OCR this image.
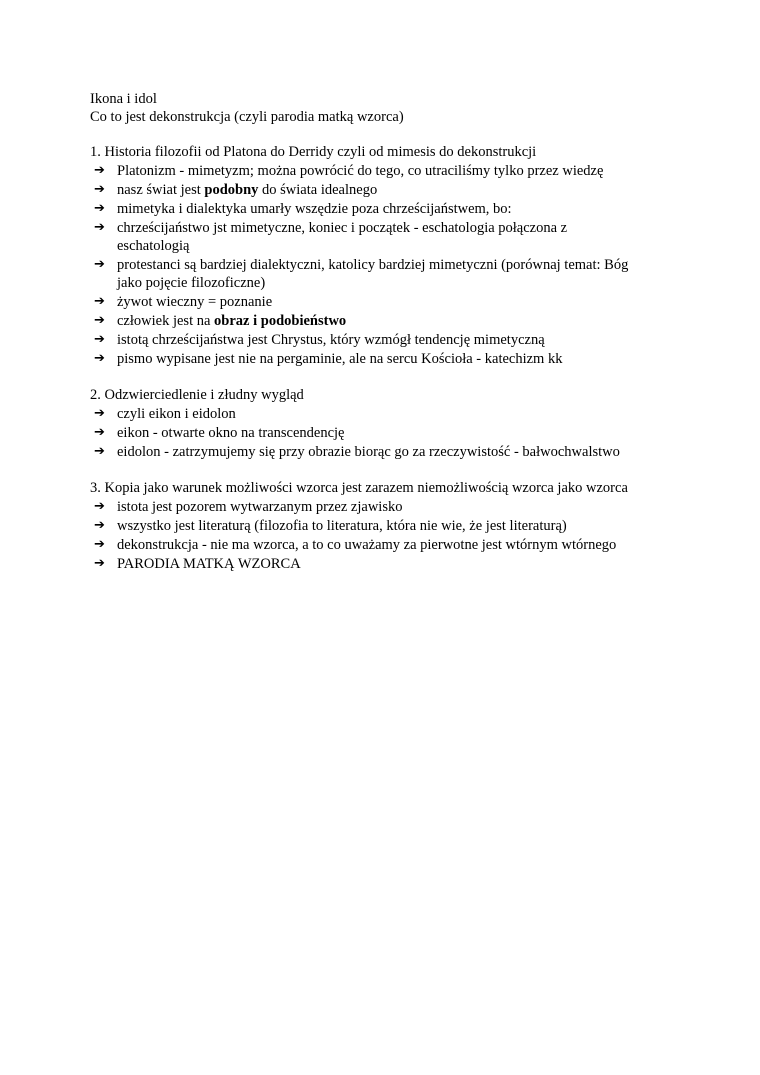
Ikona i idol
Co to jest dekonstrukcja (czyli parodia matką wzorca)
1. Historia filozofii od Platona do Derridy czyli od mimesis do dekonstrukcji
➔ Platonizm - mimetyzm; można powrócić do tego, co utraciliśmy tylko przez wiedzę
➔ nasz świat jest podobny do świata idealnego
➔ mimetyka i dialektyka umarły wszędzie poza chrześcijaństwem, bo:
➔ chrześcijaństwo jst mimetyczne, koniec i początek - eschatologia połączona z
eschatologią
➔ protestanci są bardziej dialektyczni, katolicy bardziej mimetyczni (porównaj temat: Bóg
jako pojęcie filozoficzne)
➔ żywot wieczny = poznanie
➔ człowiek jest na obraz i podobieństwo
➔ istotą chrześcijaństwa jest Chrystus, który wzmógł tendencję mimetyczną
➔ pismo wypisane jest nie na pergaminie, ale na sercu Kościoła - katechizm kk
2. Odzwierciedlenie i złudny wygląd
➔ czyli eikon i eidolon
➔ eikon - otwarte okno na transcendencję
➔ eidolon - zatrzymujemy się przy obrazie biorąc go za rzeczywistość - bałwochwalstwo
3. Kopia jako warunek możliwości wzorca jest zarazem niemożliwością wzorca jako wzorca
➔ istota jest pozorem wytwarzanym przez zjawisko
➔ wszystko jest literaturą (filozofia to literatura, która nie wie, że jest literaturą)
➔ dekonstrukcja - nie ma wzorca, a to co uważamy za pierwotne jest wtórnym wtórnego
➔ PARODIA MATKĄ WZORCA
